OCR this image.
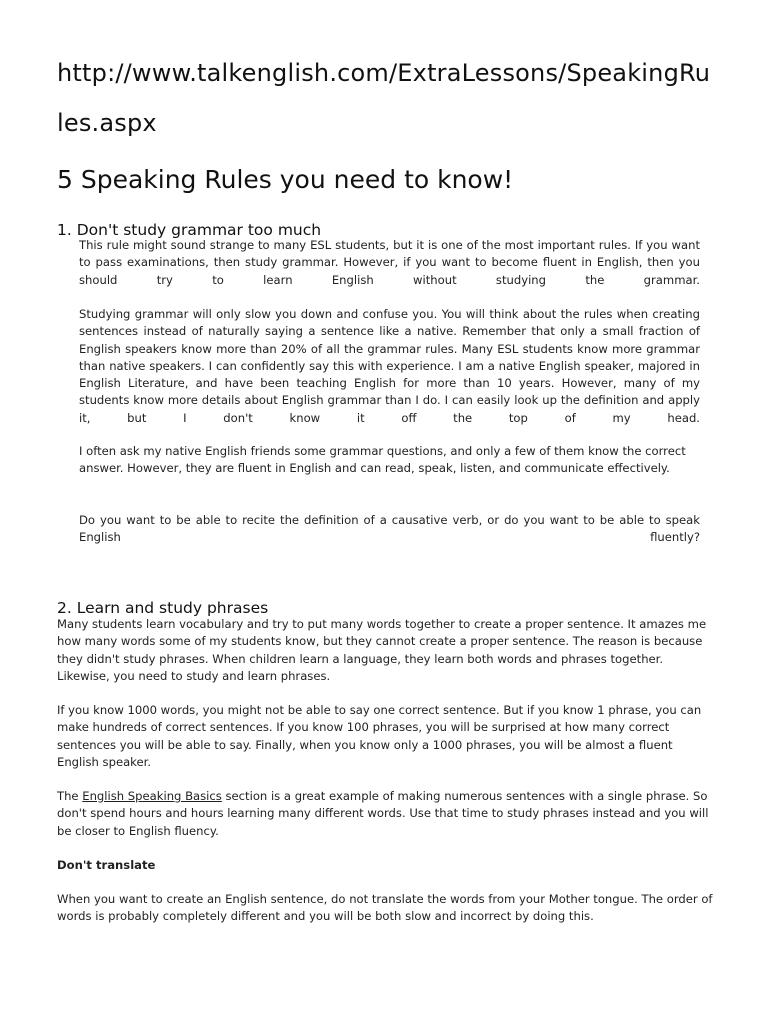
http://www.talkenglish.com/ExtraLessons/SpeakingRules.aspx
5 Speaking Rules you need to know!
1. Don't study grammar too much

This rule might sound strange to many ESL students, but it is one of the most important rules. If you want to pass examinations, then study grammar. However, if you want to become fluent in English, then you should try to learn English without studying the grammar.

Studying grammar will only slow you down and confuse you. You will think about the rules when creating sentences instead of naturally saying a sentence like a native. Remember that only a small fraction of English speakers know more than 20% of all the grammar rules. Many ESL students know more grammar than native speakers. I can confidently say this with experience. I am a native English speaker, majored in English Literature, and have been teaching English for more than 10 years. However, many of my students know more details about English grammar than I do. I can easily look up the definition and apply it, but I don't know it off the top of my head.

I often ask my native English friends some grammar questions, and only a few of them know the correct answer. However, they are fluent in English and can read, speak, listen, and communicate effectively.

Do you want to be able to recite the definition of a causative verb, or do you want to be able to speak English fluently?

2. Learn and study phrases

Many students learn vocabulary and try to put many words together to create a proper sentence. It amazes me how many words some of my students know, but they cannot create a proper sentence. The reason is because they didn't study phrases. When children learn a language, they learn both words and phrases together. Likewise, you need to study and learn phrases.

If you know 1000 words, you might not be able to say one correct sentence. But if you know 1 phrase, you can make hundreds of correct sentences. If you know 100 phrases, you will be surprised at how many correct sentences you will be able to say. Finally, when you know only a 1000 phrases, you will be almost a fluent English speaker.

The English Speaking Basics section is a great example of making numerous sentences with a single phrase. So don't spend hours and hours learning many different words. Use that time to study phrases instead and you will be closer to English fluency.

Don't translate

When you want to create an English sentence, do not translate the words from your Mother tongue. The order of words is probably completely different and you will be both slow and incorrect by doing this.
